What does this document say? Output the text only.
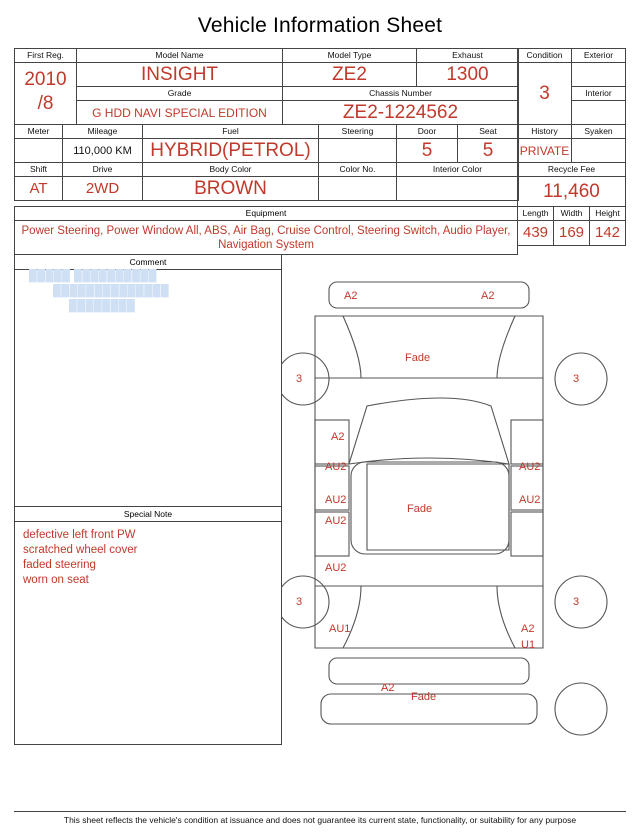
Vehicle Information Sheet
First Reg.	Model Name	Model Type	Exhaust

2010
/8	INSIGHT	ZE2	1300
	Grade	Chassis Number	
	G HDD NAVI SPECIAL EDITION	ZE2-1224562	
Meter	Mileage	Fuel	Steering	Door	Seat
	110,000 KM	HYBRID(PETROL)		5	5
Shift	Drive	Body Color	Color No.	Interior Color	
AT	2WD	BROWN			
Condition	Exterior
3	
	Interior

History	Syaken
PRIVATE	
Recycle Fee	
11,460	
Equipment
Power Steering, Power Window All, ABS, Air Bag, Cruise Control, Steering Switch, Audio Player, Navigation System
Length	Width	Height
439	169	142
Comment
█████ ██████████
██████████████
████████
Special Note
defective left front PW
scratched wheel cover
faded steering
worn on seat
A2	A2
3	3
Fade
A2
AU2	AU2
AU2
AU2
AU2
Fade
AU2
3	3
AU1	A2
U1
A2
Fade
This sheet reflects the vehicle's condition at issuance and does not guarantee its current state, functionality, or suitability for any purpose
